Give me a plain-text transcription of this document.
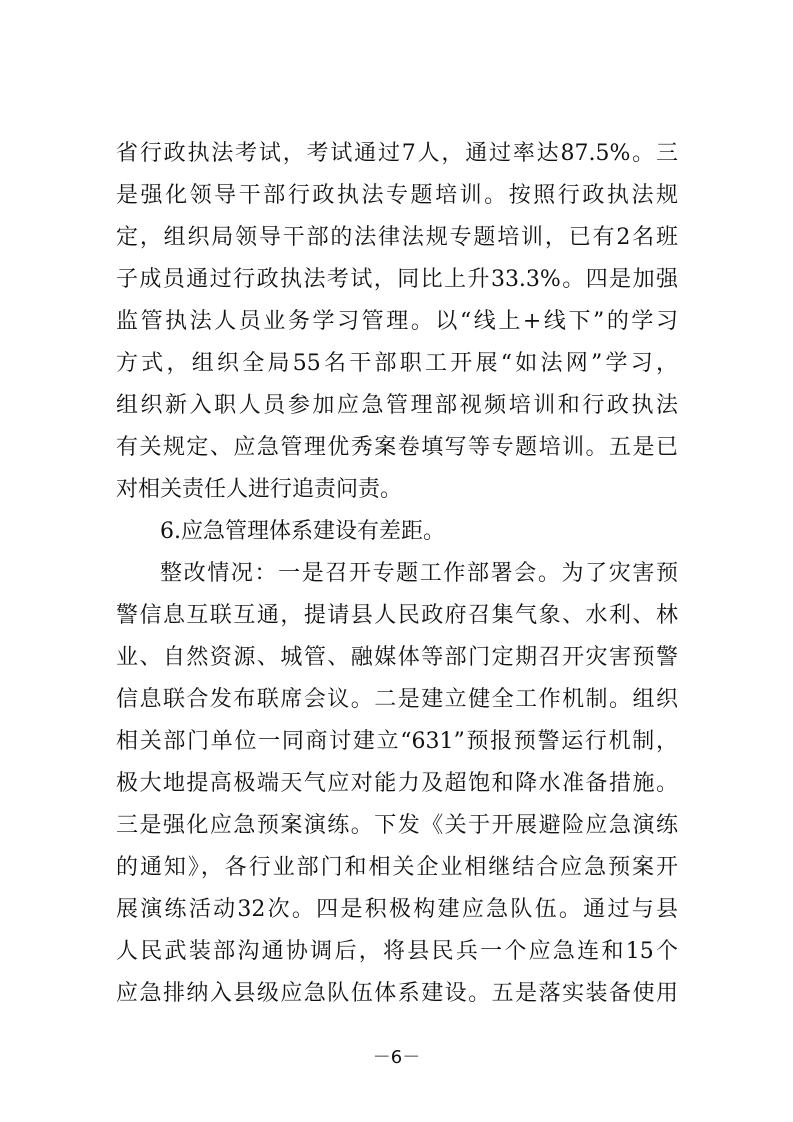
省行政执法考试，考试通过7人，通过率达87.5%。三
是强化领导干部行政执法专题培训。按照行政执法规
定，组织局领导干部的法律法规专题培训，已有2名班
子成员通过行政执法考试，同比上升33.3%。四是加强
监管执法人员业务学习管理。以“线上+线下”的学习
方式，组织全局55名干部职工开展“如法网”学习，
组织新入职人员参加应急管理部视频培训和行政执法
有关规定、应急管理优秀案卷填写等专题培训。五是已
对相关责任人进行追责问责。
6.应急管理体系建设有差距。
整改情况：一是召开专题工作部署会。为了灾害预
警信息互联互通，提请县人民政府召集气象、水利、林
业、自然资源、城管、融媒体等部门定期召开灾害预警
信息联合发布联席会议。二是建立健全工作机制。组织
相关部门单位一同商讨建立“631”预报预警运行机制，
极大地提高极端天气应对能力及超饱和降水准备措施。
三是强化应急预案演练。下发《关于开展避险应急演练
的通知》，各行业部门和相关企业相继结合应急预案开
展演练活动32次。四是积极构建应急队伍。通过与县
人民武装部沟通协调后，将县民兵一个应急连和15个
应急排纳入县级应急队伍体系建设。五是落实装备使用
－6－
